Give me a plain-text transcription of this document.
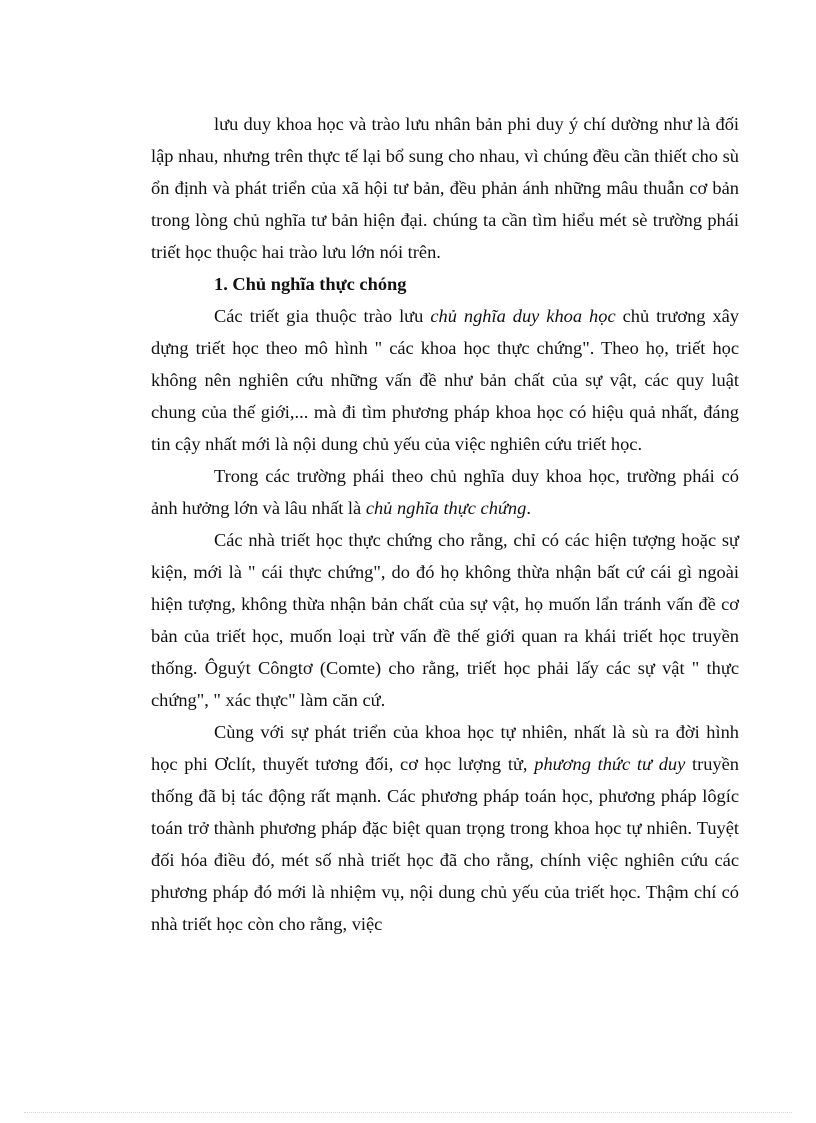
lưu duy khoa học và trào lưu nhân bản phi duy ý chí dường như là đối lập nhau, nhưng trên thực tế lại bổ sung cho nhau, vì chúng đều cần thiết cho sù ổn định và phát triển của xã hội tư bản, đều phản ánh những mâu thuẫn cơ bản trong lòng chủ nghĩa tư bản hiện đại. chúng ta cần tìm hiểu mét sè trường phái triết học thuộc hai trào lưu lớn nói trên.

1. Chủ nghĩa thực chóng

Các triết gia thuộc trào lưu chủ nghĩa duy khoa học chủ trương xây dựng triết học theo mô hình " các khoa học thực chứng". Theo họ, triết học không nên nghiên cứu những vấn đề như bản chất của sự vật, các quy luật chung của thế giới,... mà đi tìm phương pháp khoa học có hiệu quả nhất, đáng tin cậy nhất mới là nội dung chủ yếu của việc nghiên cứu triết học.

Trong các trường phái theo chủ nghĩa duy khoa học, trường phái có ảnh hưởng lớn và lâu nhất là chủ nghĩa thực chứng.

Các nhà triết học thực chứng cho rằng, chỉ có các hiện tượng hoặc sự kiện, mới là " cái thực chứng", do đó họ không thừa nhận bất cứ cái gì ngoài hiện tượng, không thừa nhận bản chất của sự vật, họ muốn lẩn tránh vấn đề cơ bản của triết học, muốn loại trừ vấn đề thế giới quan ra khái triết học truyền thống. Ôguýt Côngtơ (Comte) cho rằng, triết học phải lấy các sự vật " thực chứng", " xác thực" làm căn cứ.

Cùng với sự phát triển của khoa học tự nhiên, nhất là sù ra đời hình học phi Ơclít, thuyết tương đối, cơ học lượng tử, phương thức tư duy truyền thống đã bị tác động rất mạnh. Các phương pháp toán học, phương pháp lôgíc toán trở thành phương pháp đặc biệt quan trọng trong khoa học tự nhiên. Tuyệt đối hóa điều đó, mét số nhà triết học đã cho rằng, chính việc nghiên cứu các phương pháp đó mới là nhiệm vụ, nội dung chủ yếu của triết học. Thậm chí có nhà triết học còn cho rằng, việc
